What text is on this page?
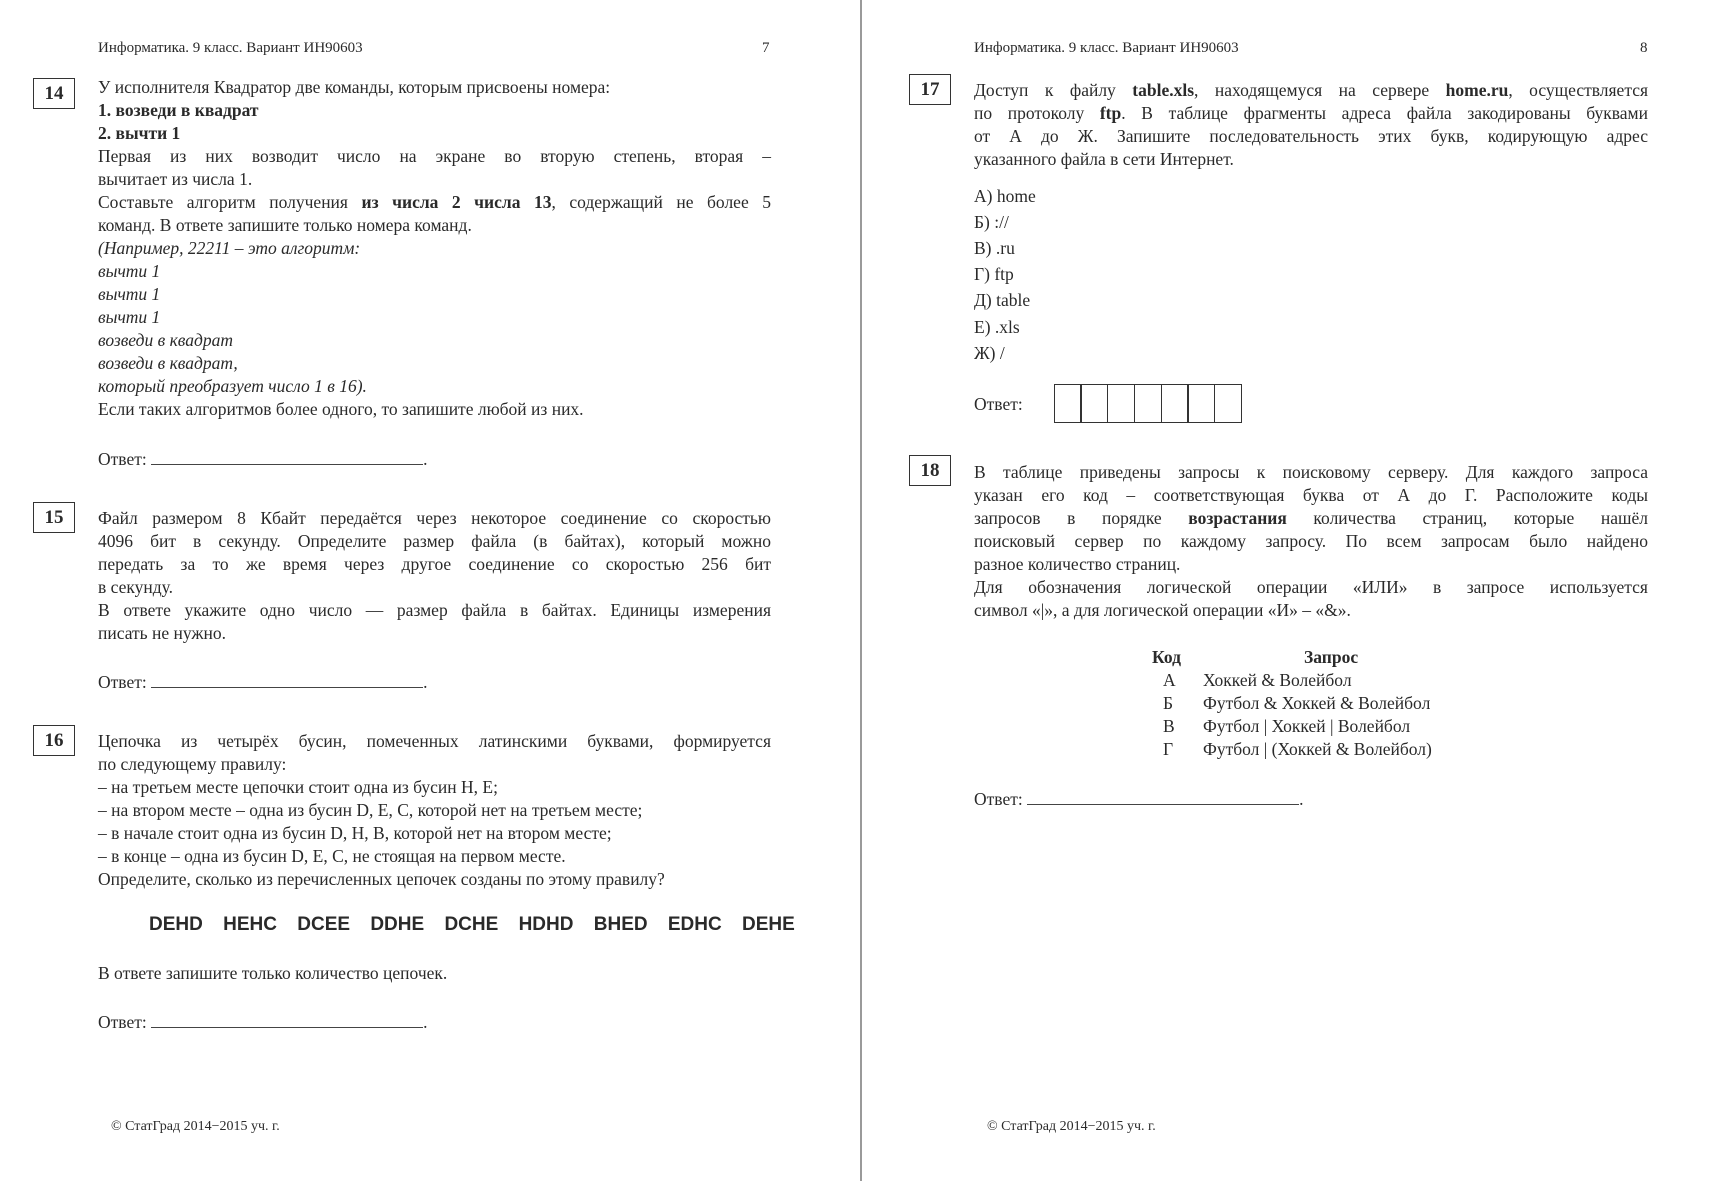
Информатика. 9 класс. Вариант ИН90603	7
14	У исполнителя Квадратор две команды, которым присвоены номера:
1. возведи в квадрат
2. вычти 1
Первая из них возводит число на экране во вторую степень, вторая –
вычитает из числа 1.
Составьте алгоритм получения из числа 2 числа 13, содержащий не более 5
команд. В ответе запишите только номера команд.
(Например, 22211 – это алгоритм:
вычти 1
вычти 1
вычти 1
возведи в квадрат
возведи в квадрат,
который преобразует число 1 в 16).
Если таких алгоритмов более одного, то запишите любой из них.
Ответ:	.
15	Файл размером 8 Кбайт передаётся через некоторое соединение со скоростью
4096 бит в секунду. Определите размер файла (в байтах), который можно
передать за то же время через другое соединение со скоростью 256 бит
в секунду.
В ответе укажите одно число — размер файла в байтах. Единицы измерения
писать не нужно.
Ответ:	.
16	Цепочка из четырёх бусин, помеченных латинскими буквами, формируется
по следующему правилу:
– на третьем месте цепочки стоит одна из бусин H, E;
– на втором месте – одна из бусин D, E, C, которой нет на третьем месте;
– в начале стоит одна из бусин D, H, B, которой нет на втором месте;
– в конце – одна из бусин D, E, C, не стоящая на первом месте.
Определите, сколько из перечисленных цепочек созданы по этому правилу?
DEHD HEHC DCEE DDHE DCHE HDHD BHED EDHC DEHE
В ответе запишите только количество цепочек.
Ответ:	.
© СтатГрад 2014−2015 уч. г.
Информатика. 9 класс. Вариант ИН90603	8
17	Доступ к файлу table.xls, находящемуся на сервере home.ru, осуществляется
по протоколу ftp. В таблице фрагменты адреса файла закодированы буквами
от А до Ж. Запишите последовательность этих букв, кодирующую адрес
указанного файла в сети Интернет.
А) home
Б) ://
В) .ru
Г) ftp
Д) table
Е) .xls
Ж) /
Ответ:
18	В таблице приведены запросы к поисковому серверу. Для каждого запроса
указан его код – соответствующая буква от А до Г. Расположите коды
запросов в порядке возрастания количества страниц, которые нашёл
поисковый сервер по каждому запросу. По всем запросам было найдено
разное количество страниц.
Для обозначения логической операции «ИЛИ» в запросе используется
символ «|», а для логической операции «И» – «&».
Код	Запрос
А Хоккей & Волейбол
Б Футбол & Хоккей & Волейбол
В Футбол | Хоккей | Волейбол
Г Футбол | (Хоккей & Волейбол)
Ответ:	.
© СтатГрад 2014−2015 уч. г.
